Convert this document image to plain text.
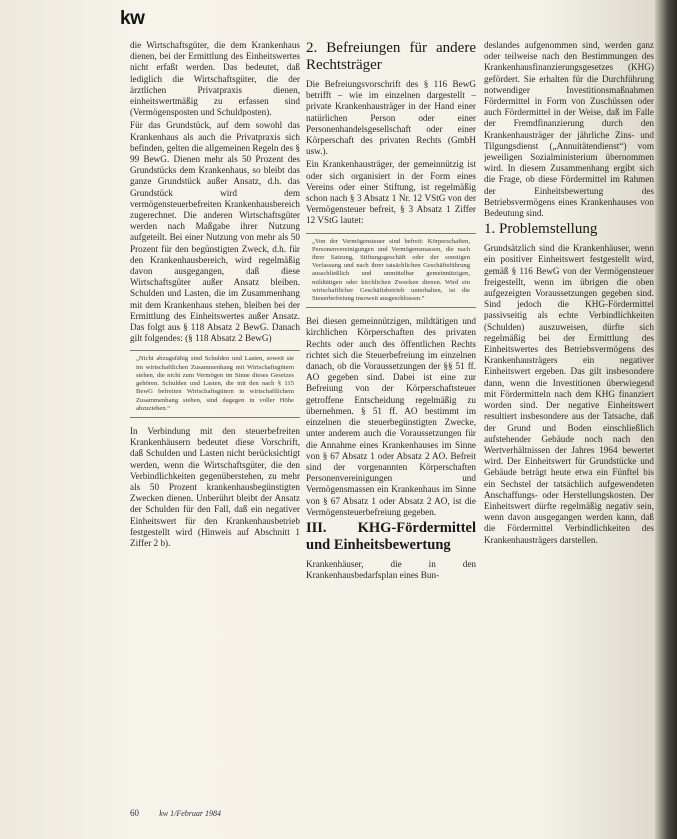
kw

die Wirtschaftsgüter, die dem Krankenhaus dienen, bei der Ermittlung des Einheitswertes nicht erfaßt werden. Das bedeutet, daß lediglich die Wirtschaftsgüter, die der ärztlichen Privatpraxis dienen, einheitswertmäßig zu erfassen sind (Vermögensposten und Schuldposten).

Für das Grundstück, auf dem sowohl das Krankenhaus als auch die Privatpraxis sich befinden, gelten die allgemeinen Regeln des § 99 BewG. Dienen mehr als 50 Prozent des Grundstücks dem Krankenhaus, so bleibt das ganze Grundstück außer Ansatz, d.h. das Grundstück wird dem vermögensteuerbefreiten Krankenhausbereich zugerechnet. Die anderen Wirtschaftsgüter werden nach Maßgabe ihrer Nutzung aufgeteilt. Bei einer Nutzung von mehr als 50 Prozent für den begünstigten Zweck, d.h. für den Krankenhausbereich, wird regelmäßig davon ausgegangen, daß diese Wirtschaftsgüter außer Ansatz bleiben. Schulden und Lasten, die im Zusammenhang mit dem Krankenhaus stehen, bleiben bei der Ermittlung des Einheitswertes außer Ansatz. Das folgt aus § 118 Absatz 2 BewG. Danach gilt folgendes: (§ 118 Absatz 2 BewG)

„Nicht abzugsfähig sind Schulden und Lasten, soweit sie im wirtschaftlichen Zusammenhang mit Wirtschaftsgütern stehen, die nicht zum Vermögen im Sinne dieses Gesetzes gehören. Schulden und Lasten, die mit den nach § 115 BewG befreiten Wirtschaftsgütern in wirtschaftlichem Zusammenhang stehen, sind dagegen in voller Höhe abzuziehen.“

In Verbindung mit den steuerbefreiten Krankenhäusern bedeutet diese Vorschrift, daß Schulden und Lasten nicht berücksichtigt werden, wenn die Wirtschaftsgüter, die den Verbindlichkeiten gegenüberstehen, zu mehr als 50 Prozent krankenhausbegünstigten Zwecken dienen. Unberührt bleibt der Ansatz der Schulden für den Fall, daß ein negativer Einheitswert für den Krankenhausbetrieb festgestellt wird (Hinweis auf Abschnitt 1 Ziffer 2 b).

2. Befreiungen für andere Rechtsträger

Die Befreiungsvorschrift des § 116 BewG betrifft – wie im einzelnen dargestellt – private Krankenhausträger in der Hand einer natürlichen Person oder einer Personenhandelsgesellschaft oder einer Körperschaft des privaten Rechts (GmbH usw.).

Ein Krankenhausträger, der gemeinnützig ist oder sich organisiert in der Form eines Vereins oder einer Stiftung, ist regelmäßig schon nach § 3 Absatz 1 Nr. 12 VStG von der Vermögensteuer befreit, § 3 Absatz 1 Ziffer 12 VStG lautet:

„Von der Vermögensteuer sind befreit: Körperschaften, Personenvereinigungen und Vermögensmassen, die nach ihrer Satzung, Stiftungsgeschäft oder der sonstigen Verfassung und nach ihrer tatsächlichen Geschäftsführung ausschließlich und unmittelbar gemeinnützigen, mildtätigen oder kirchlichen Zwecken dienen. Wird ein wirtschaftlicher Geschäftsbetrieb unterhalten, ist die Steuerbefreiung insoweit ausgeschlossen.“

Bei diesen gemeinnützigen, mildtätigen und kirchlichen Körperschaften des privaten Rechts oder auch des öffentlichen Rechts richtet sich die Steuerbefreiung im einzelnen danach, ob die Voraussetzungen der §§ 51 ff. AO gegeben sind. Dabei ist eine zur Befreiung von der Körperschaftsteuer getroffene Entscheidung regelmäßig zu übernehmen. § 51 ff. AO bestimmt im einzelnen die steuerbegünstigten Zwecke, unter anderem auch die Voraussetzungen für die Annahme eines Krankenhauses im Sinne von § 67 Absatz 1 oder Absatz 2 AO. Befreit sind der vorgenannten Körperschaften Personenvereinigungen und Vermögensmassen ein Krankenhaus im Sinne von § 67 Absatz 1 oder Absatz 2 AO, ist die Vermögensteuerbefreiung gegeben.

III. KHG-Fördermittel und Einheitsbewertung

Krankenhäuser, die in den Krankenhausbedarfsplan eines Bun-

deslandes aufgenommen sind, werden ganz oder teilweise nach den Bestimmungen des Krankenhausfinanzierungsgesetzes (KHG) gefördert. Sie erhalten für die Durchführung notwendiger Investitionsmaßnahmen Fördermittel in Form von Zuschüssen oder auch Fördermittel in der Weise, daß im Falle der Fremdfinanzierung durch den Krankenhausträger der jährliche Zins- und Tilgungsdienst („Annuitätendienst“) vom jeweiligen Sozialministerium übernommen wird. In diesem Zusammenhang ergibt sich die Frage, ob diese Fördermittel im Rahmen der Einheitsbewertung des Betriebsvermögens eines Krankenhauses von Bedeutung sind.

1. Problemstellung

Grundsätzlich sind die Krankenhäuser, wenn ein positiver Einheitswert festgestellt wird, gemäß § 116 BewG von der Vermögensteuer freigestellt, wenn im übrigen die oben aufgezeigten Voraussetzungen gegeben sind. Sind jedoch die KHG-Fördermittel passivseitig als echte Verbindlichkeiten (Schulden) auszuweisen, dürfte sich regelmäßig bei der Ermittlung des Einheitswertes des Betriebsvermögens des Krankenhausträgers ein negativer Einheitswert ergeben. Das gilt insbesondere dann, wenn die Investitionen überwiegend mit Fördermitteln nach dem KHG finanziert worden sind. Der negative Einheitswert resultiert insbesondere aus der Tatsache, daß der Grund und Boden einschließlich aufstehender Gebäude noch nach den Wertverhältnissen der Jahres 1964 bewertet wird. Der Einheitswert für Grundstücke und Gebäude beträgt heute etwa ein Fünftel bis ein Sechstel der tatsächlich aufgewendeten Anschaffungs- oder Herstellungskosten. Der Einheitswert dürfte regelmäßig negativ sein, wenn davon ausgegangen werden kann, daß die Fördermittel Verbindlichkeiten des Krankenhausträgers darstellen.

60	kw 1/Februar 1984
